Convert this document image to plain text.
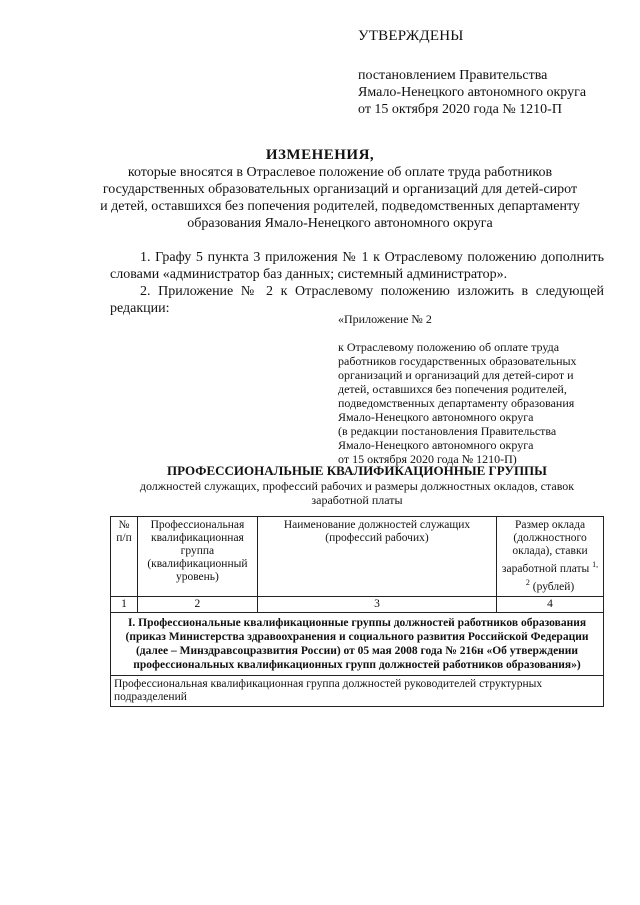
УТВЕРЖДЕНЫ

постановлением Правительства

Ямало-Ненецкого автономного округа

от 15 октября 2020 года № 1210-П

ИЗМЕНЕНИЯ,
которые вносятся в Отраслевое положение об оплате труда работников
государственных образовательных организаций и организаций для детей-сирот
и детей, оставшихся без попечения родителей, подведомственных департаменту
образования Ямало-Ненецкого автономного округа
1. Графу 5 пункта 3 приложения № 1 к Отраслевому положению дополнить словами «администратор баз данных; системный администратор».
2. Приложение № 2 к Отраслевому положению изложить в следующей редакции:

«Приложение № 2

к Отраслевому положению об оплате труда

работников государственных образовательных

организаций и организаций для детей-сирот и

детей, оставшихся без попечения родителей,

подведомственных департаменту образования

Ямало-Ненецкого автономного округа

(в редакции постановления Правительства

Ямало-Ненецкого автономного округа

от 15 октября 2020 года № 1210-П)

ПРОФЕССИОНАЛЬНЫЕ КВАЛИФИКАЦИОННЫЕ ГРУППЫ

должностей служащих, профессий рабочих и размеры должностных окладов, ставок заработной платы

№ п/п	Профессиональная квалификационная группа (квалификационный уровень)	Наименование должностей служащих (профессий рабочих)	Размер оклада (должностного оклада), ставки заработной платы $^{1, 2}$ (рублей)
1	2	3	4
I. Профессиональные квалификационные группы должностей работников образования (приказ Министерства здравоохранения и социального развития Российской Федерации (далее – Минздравсоцразвития России) от 05 мая 2008 года № 216н «Об утверждении профессиональных квалификационных групп должностей работников образования»)			
Профессиональная квалификационная группа должностей руководителей структурных подразделений			
